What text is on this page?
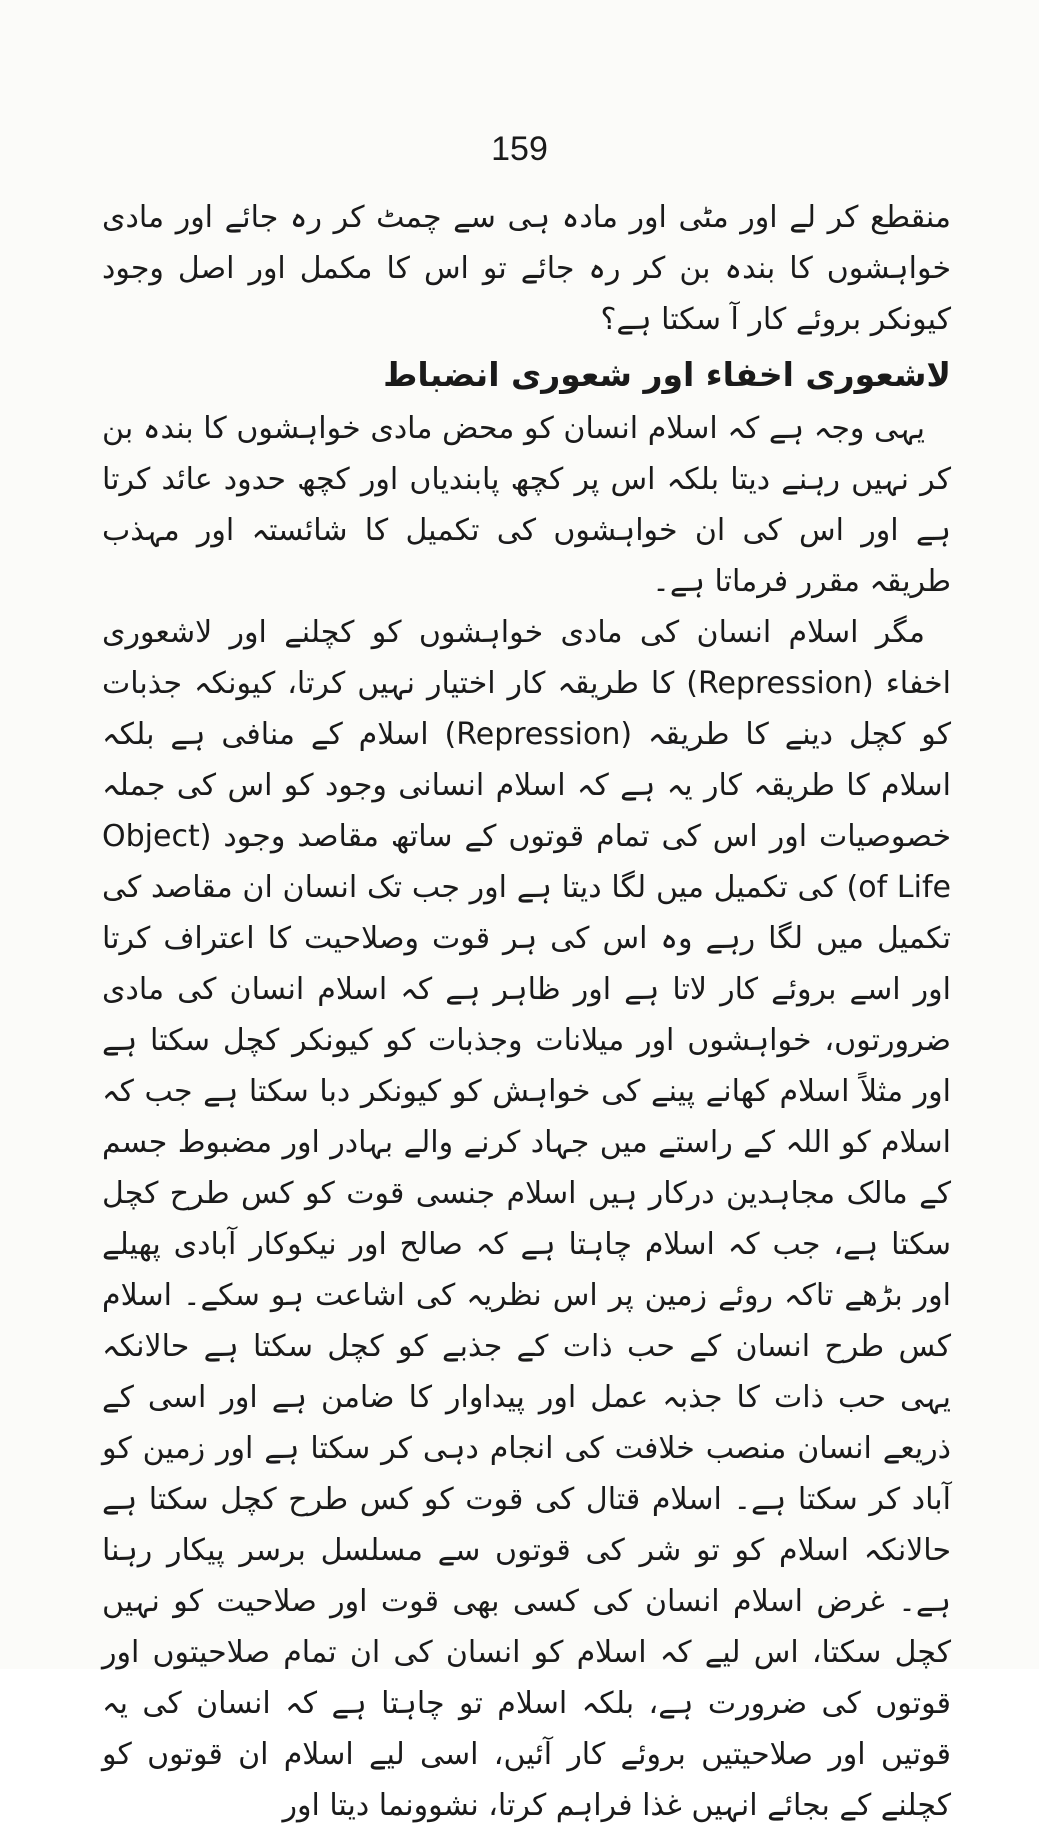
159

منقطع کر لے اور مٹی اور مادہ ہی سے چمٹ کر رہ جائے اور مادی خواہشوں کا بندہ بن کر رہ جائے تو اس کا مکمل اور اصل وجود کیونکر بروئے کار آ سکتا ہے؟

لاشعوری اخفاء اور شعوری انضباط

یہی وجہ ہے کہ اسلام انسان کو محض مادی خواہشوں کا بندہ بن کر نہیں رہنے دیتا بلکہ اس پر کچھ پابندیاں اور کچھ حدود عائد کرتا ہے اور اس کی ان خواہشوں کی تکمیل کا شائستہ اور مہذب طریقہ مقرر فرماتا ہے۔

مگر اسلام انسان کی مادی خواہشوں کو کچلنے اور لاشعوری اخفاء (Repression) کا طریقہ کار اختیار نہیں کرتا، کیونکہ جذبات کو کچل دینے کا طریقہ (Repression) اسلام کے منافی ہے بلکہ اسلام کا طریقہ کار یہ ہے کہ اسلام انسانی وجود کو اس کی جملہ خصوصیات اور اس کی تمام قوتوں کے ساتھ مقاصد وجود (Object of Life) کی تکمیل میں لگا دیتا ہے اور جب تک انسان ان مقاصد کی تکمیل میں لگا رہے وہ اس کی ہر قوت وصلاحیت کا اعتراف کرتا اور اسے بروئے کار لاتا ہے اور ظاہر ہے کہ اسلام انسان کی مادی ضرورتوں، خواہشوں اور میلانات وجذبات کو کیونکر کچل سکتا ہے اور مثلاً اسلام کھانے پینے کی خواہش کو کیونکر دبا سکتا ہے جب کہ اسلام کو اللہ کے راستے میں جہاد کرنے والے بہادر اور مضبوط جسم کے مالک مجاہدین درکار ہیں اسلام جنسی قوت کو کس طرح کچل سکتا ہے، جب کہ اسلام چاہتا ہے کہ صالح اور نیکوکار آبادی پھیلے اور بڑھے تاکہ روئے زمین پر اس نظریہ کی اشاعت ہو سکے۔ اسلام کس طرح انسان کے حب ذات کے جذبے کو کچل سکتا ہے حالانکہ یہی حب ذات کا جذبہ عمل اور پیداوار کا ضامن ہے اور اسی کے ذریعے انسان منصب خلافت کی انجام دہی کر سکتا ہے اور زمین کو آباد کر سکتا ہے۔ اسلام قتال کی قوت کو کس طرح کچل سکتا ہے حالانکہ اسلام کو تو شر کی قوتوں سے مسلسل برسر پیکار رہنا ہے۔ غرض اسلام انسان کی کسی بھی قوت اور صلاحیت کو نہیں کچل سکتا، اس لیے کہ اسلام کو انسان کی ان تمام صلاحیتوں اور قوتوں کی ضرورت ہے، بلکہ اسلام تو چاہتا ہے کہ انسان کی یہ قوتیں اور صلاحیتیں بروئے کار آئیں، اسی لیے اسلام ان قوتوں کو کچلنے کے بجائے انہیں غذا فراہم کرتا، نشوونما دیتا اور
